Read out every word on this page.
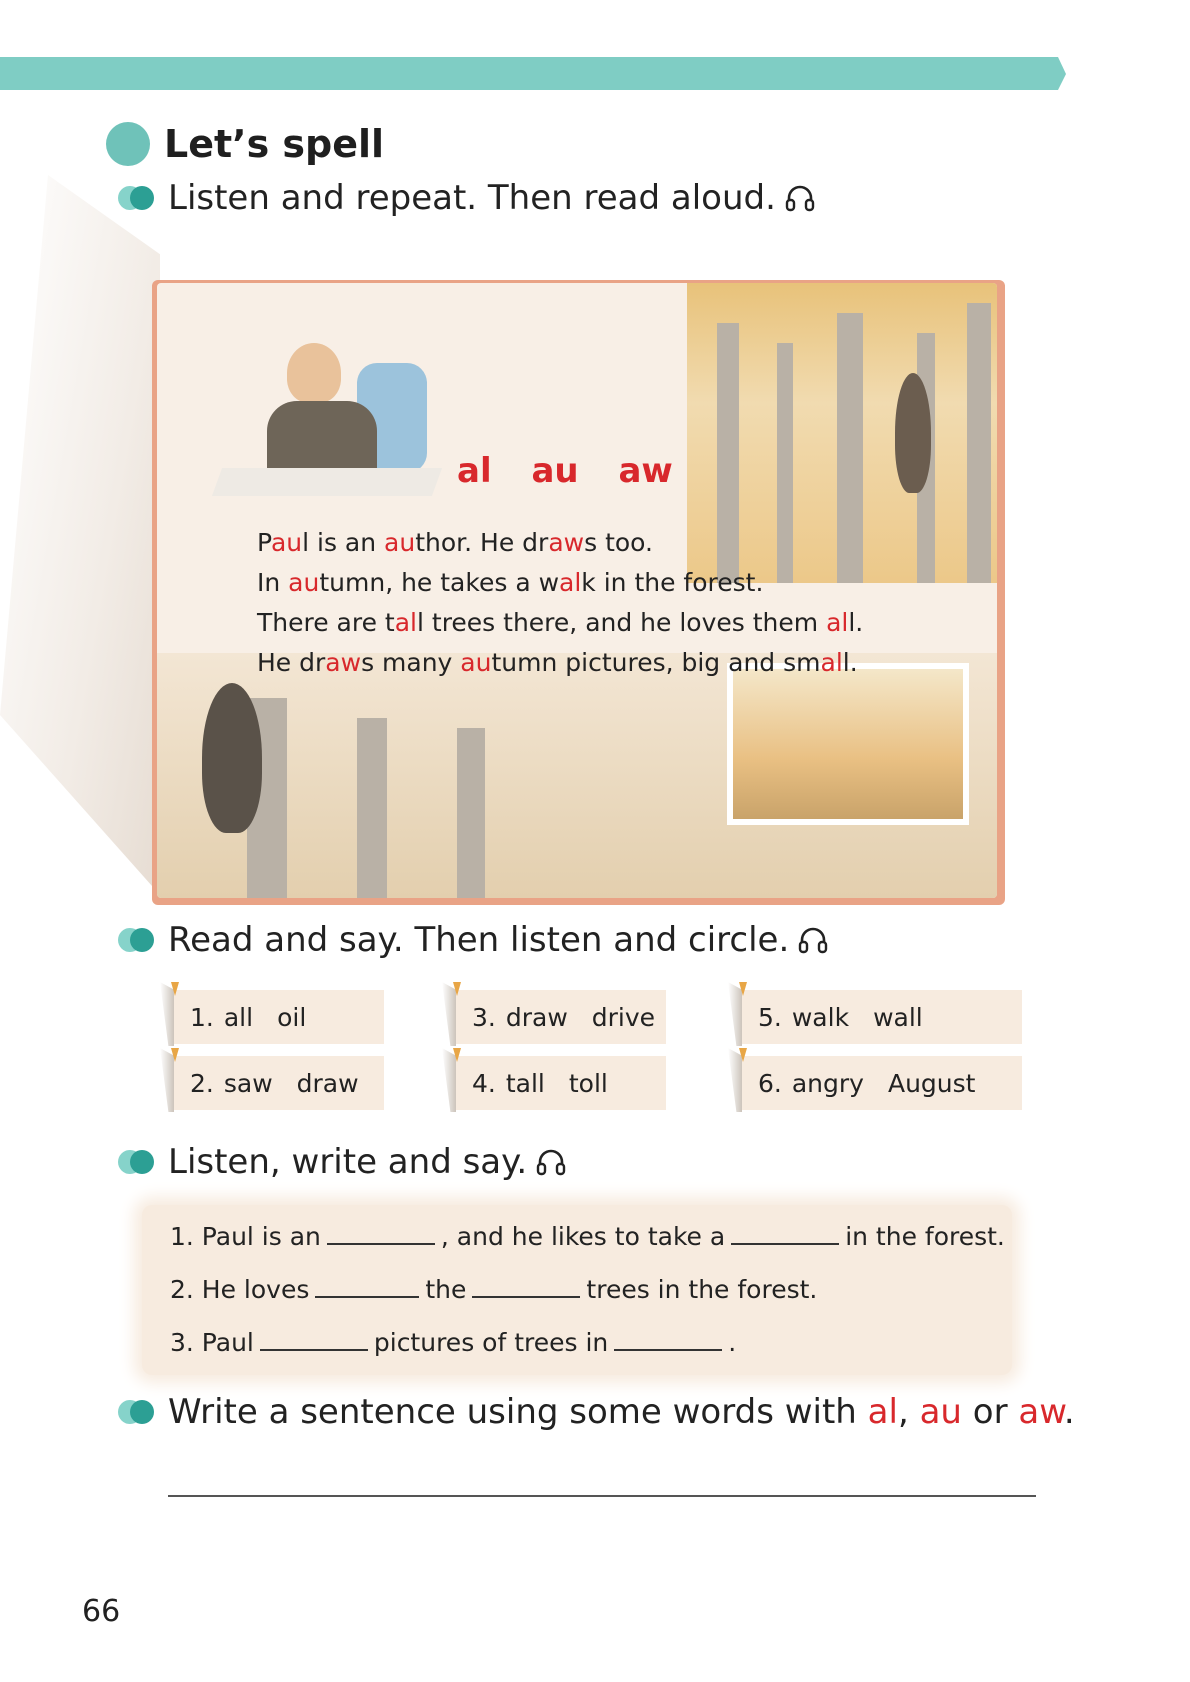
Let’s spell
Listen and repeat. Then read aloud.
al au aw
Paul is an author. He draws too.
In autumn, he takes a walk in the forest.
There are tall trees there, and he loves them all.
He draws many autumn pictures, big and small.
Read and say. Then listen and circle.
1. all oil
2. saw draw
3. draw drive
4. tall toll
5. walk wall
6. angry August
Listen, write and say.
1. Paul is an	, and he likes to take a	in the forest.
2. He loves	the	trees in the forest.
3. Paul	pictures of trees in	.
Write a sentence using some words with al, au or aw.
66
